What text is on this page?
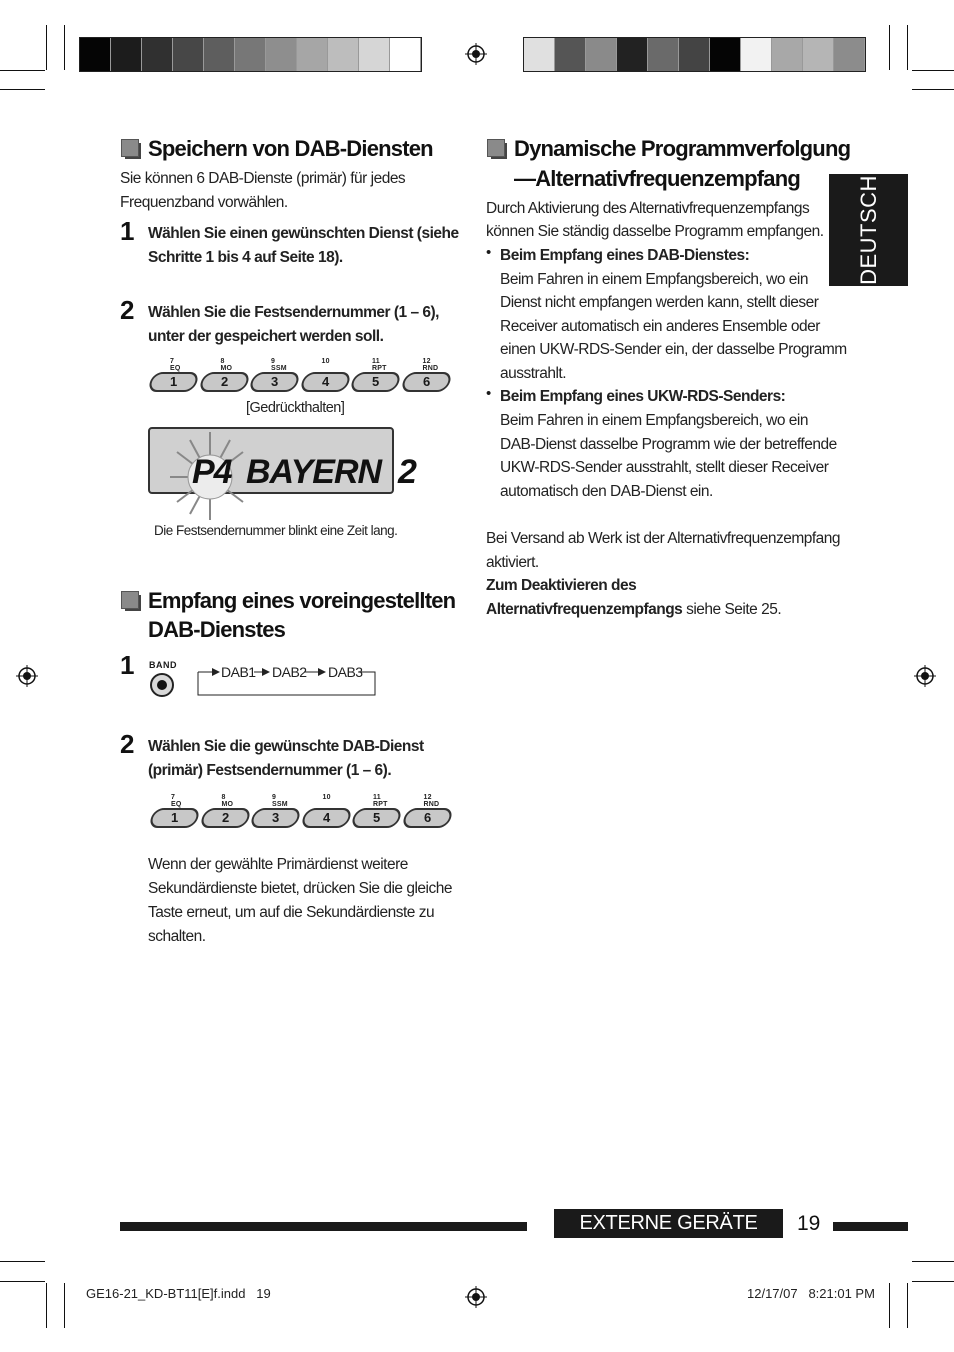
DEUTSCH
Speichern von DAB-Diensten
Sie können 6 DAB-Dienste (primär) für jedes
Frequenzband vorwählen.
1 Wählen Sie einen gewünschten Dienst (siehe
Schritte 1 bis 4 auf Seite 18).
2 Wählen Sie die Festsendernummer (1 – 6),
unter der gespeichert werden soll.
7 EQ
1
8 MO
2
9 SSM
3
10
4
11 RPT
5
12 RND
6
[Gedrückthalten]
P4 BAYERN  2
Die Festsendernummer blinkt eine Zeit lang.
Empfang eines voreingestellten
DAB-Dienstes
1 BAND	DAB1 DAB2 DAB3
2 Wählen Sie die gewünschte DAB-Dienst
(primär) Festsendernummer (1 – 6).
7 EQ
1
8 MO
2
9 SSM
3
10
4
11 RPT
5
12 RND
6
Wenn der gewählte Primärdienst weitere
Sekundärdienste bietet, drücken Sie die gleiche
Taste erneut, um auf die Sekundärdienste zu
schalten.
Dynamische Programmverfolgung
—Alternativfrequenzempfang
Durch Aktivierung des Alternativfrequenzempfangs
können Sie ständig dasselbe Programm empfangen.
• Beim Empfang eines DAB-Dienstes:
Beim Fahren in einem Empfangsbereich, wo ein
Dienst nicht empfangen werden kann, stellt dieser
Receiver automatisch ein anderes Ensemble oder
einen UKW-RDS-Sender ein, der dasselbe Programm
ausstrahlt.
• Beim Empfang eines UKW-RDS-Senders:
Beim Fahren in einem Empfangsbereich, wo ein
DAB-Dienst dasselbe Programm wie der betreffende
UKW-RDS-Sender ausstrahlt, stellt dieser Receiver
automatisch den DAB-Dienst ein.
Bei Versand ab Werk ist der Alternativfrequenzempfang
aktiviert.
Zum Deaktivieren des
Alternativfrequenzempfangs siehe Seite 25.
EXTERNE GERÄTE	19
GE16-21_KD-BT11[E]f.indd   19	12/17/07   8:21:01 PM
